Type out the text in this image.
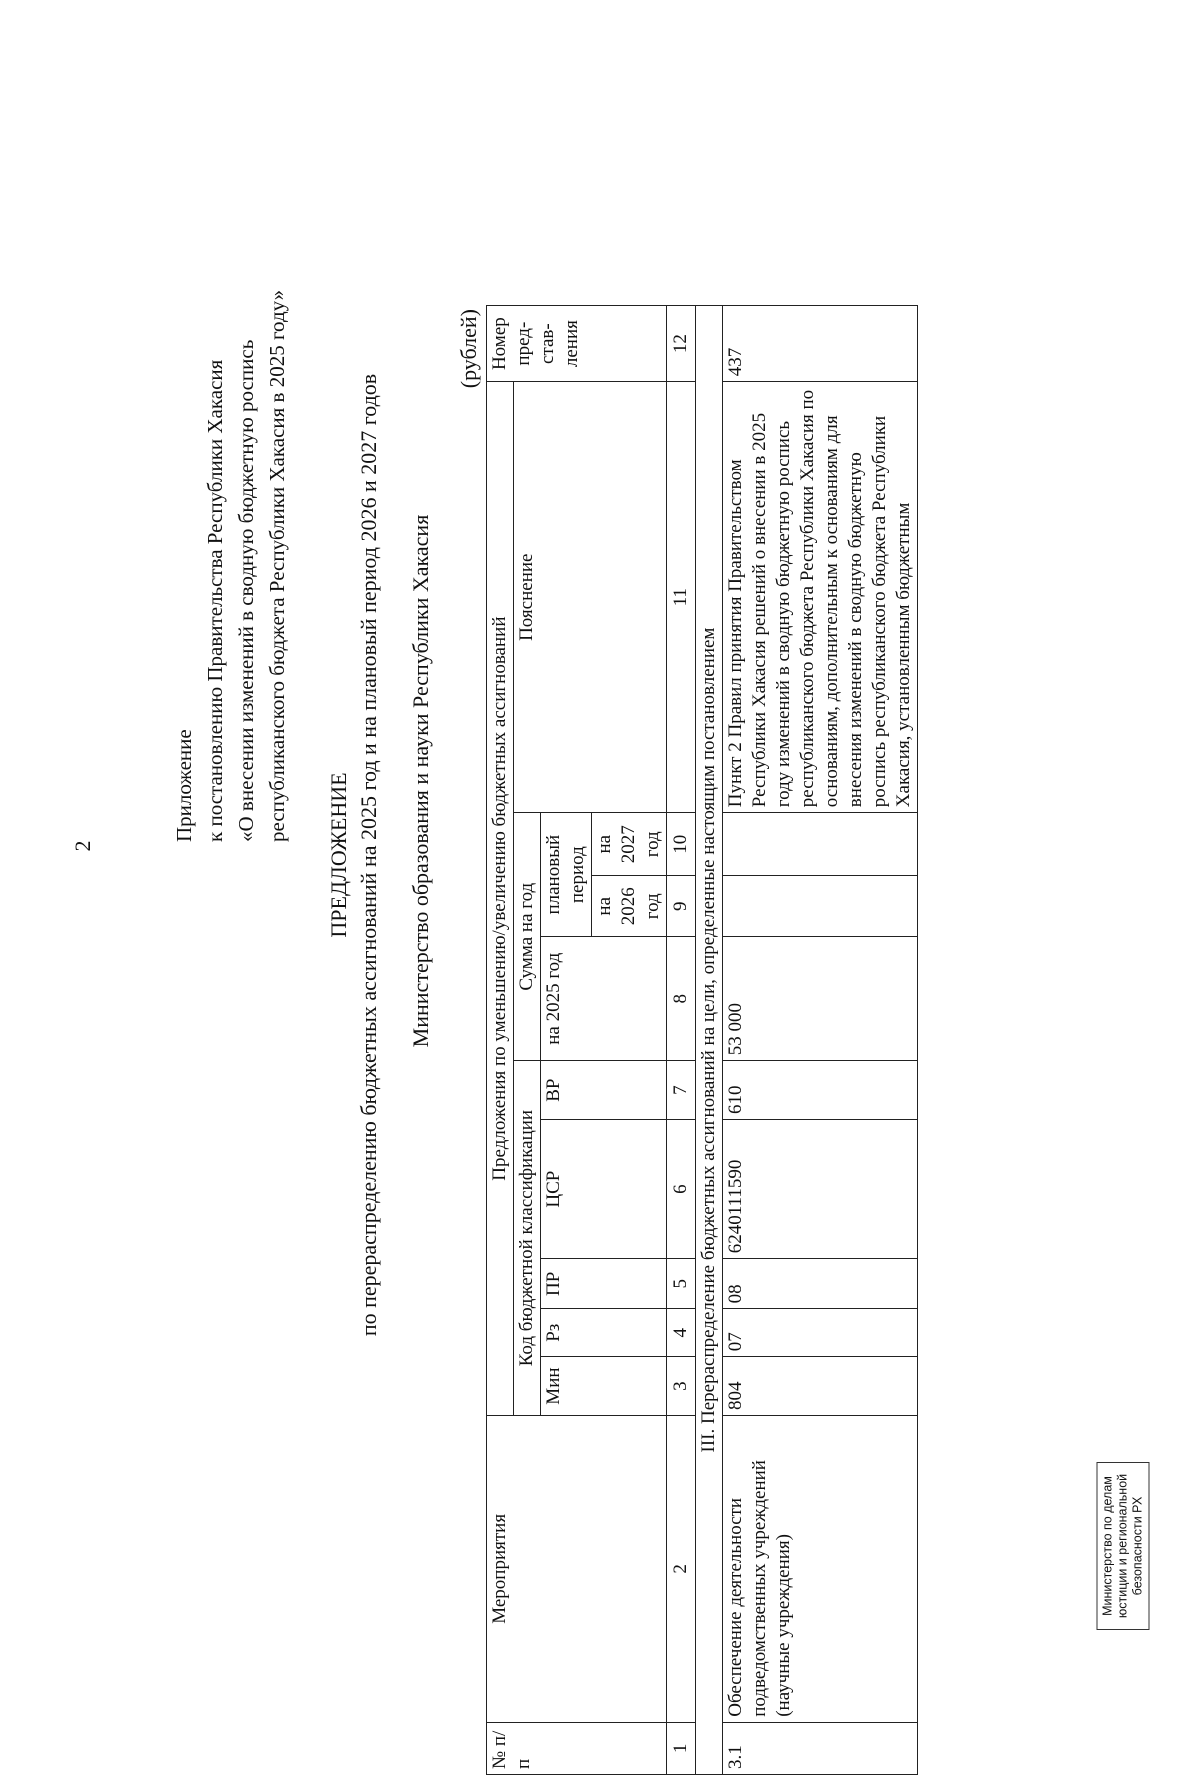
2
Приложение к постановлению Правительства Республики Хакасия «О внесении изменений в сводную бюджетную роспись республиканского бюджета Республики Хакасия в 2025 году»
ПРЕДЛОЖЕНИЕ по перераспределению бюджетных ассигнований на 2025 год и на плановый период 2026 и 2027 годов Министерство образования и науки Республики Хакасия
(рублей)
№ п/п	Мероприятия	Предложения по уменьшению/увеличению бюджетных ассигнований									Номер пред-став-ления
		Код бюджетной классификации					Сумма на год			Пояснение	
		Мин	Рз	ПР	ЦСР	ВР	на 2025 год	плановый период			
								на 2026 год	на 2027 год		

1	2	3	4	5	6	7	8	9	10	11	12
III. Перераспределение бюджетных ассигнований на цели, определенные настоящим постановлением											
3.1	Обеспечение деятельности подведомственных учреждений (научные учреждения)	804	07	08	6240111590	610	53 000			Пункт 2 Правил принятия Правительством Республики Хакасия решений о внесении в 2025 году изменений в сводную бюджетную роспись республиканского бюджета Республики Хакасия по основаниям, дополнительным к основаниям для внесения изменений в сводную бюджетную роспись республиканского бюджета Республики Хакасия, установленным бюджетным	437
Министерство по делам юстиции и региональной безопасности РХ
